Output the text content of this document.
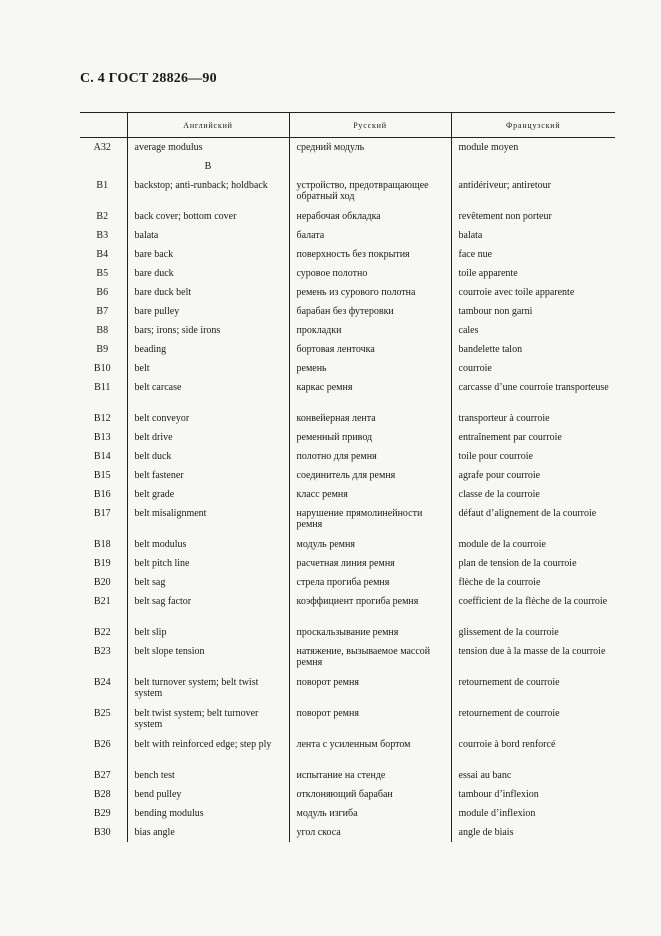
С. 4 ГОСТ 28826—90
	Английский	Русский	Французский
A32	average modulus	средний модуль	module moyen
	B		
B1	backstop; anti-runback; holdback	устройство, предотвращающее обратный ход	antidériveur; antiretour
B2	back cover; bottom cover	нерабочая обкладка	revêtement non porteur
B3	balata	балата	balata
B4	bare back	поверхность без покрытия	face nue
B5	bare duck	суровое полотно	toile apparente
B6	bare duck belt	ремень из сурового полотна	courroie avec toile apparente
B7	bare pulley	барабан без футеровки	tambour non garni
B8	bars; irons; side irons	прокладки	cales
B9	beading	бортовая ленточка	bandelette talon
B10	belt	ремень	courroie
B11	belt carcase	каркас ремня	carcasse d’une courroie transporteuse
B12	belt conveyor	конвейерная лента	transporteur à courroie
B13	belt drive	ременный привод	entraînement par courroie
B14	belt duck	полотно для ремня	toile pour courroie
B15	belt fastener	соединитель для ремня	agrafe pour courroie
B16	belt grade	класс ремня	classe de la courroie
B17	belt misalignment	нарушение прямолинейности ремня	défaut d’alignement de la courroie
B18	belt modulus	модуль ремня	module de la courroie
B19	belt pitch line	расчетная линия ремня	plan de tension de la courroie
B20	belt sag	стрела прогиба ремня	flèche de la courroie
B21	belt sag factor	коэффициент прогиба ремня	coefficient de la flèche de la courroie
B22	belt slip	проскальзывание ремня	glissement de la courroie
B23	belt slope tension	натяжение, вызываемое массой ремня	tension due à la masse de la courroie
B24	belt turnover system; belt twist system	поворот ремня	retournement de courroie
B25	belt twist system; belt turnover system	поворот ремня	retournement de courroie
B26	belt with reinforced edge; step ply	лента с усиленным бортом	courroie à bord renforcé
B27	bench test	испытание на стенде	essai au banc
B28	bend pulley	отклоняющий барабан	tambour d’inflexion
B29	bending modulus	модуль изгиба	module d’inflexion
B30	bias angle	угол скоса	angle de biais
